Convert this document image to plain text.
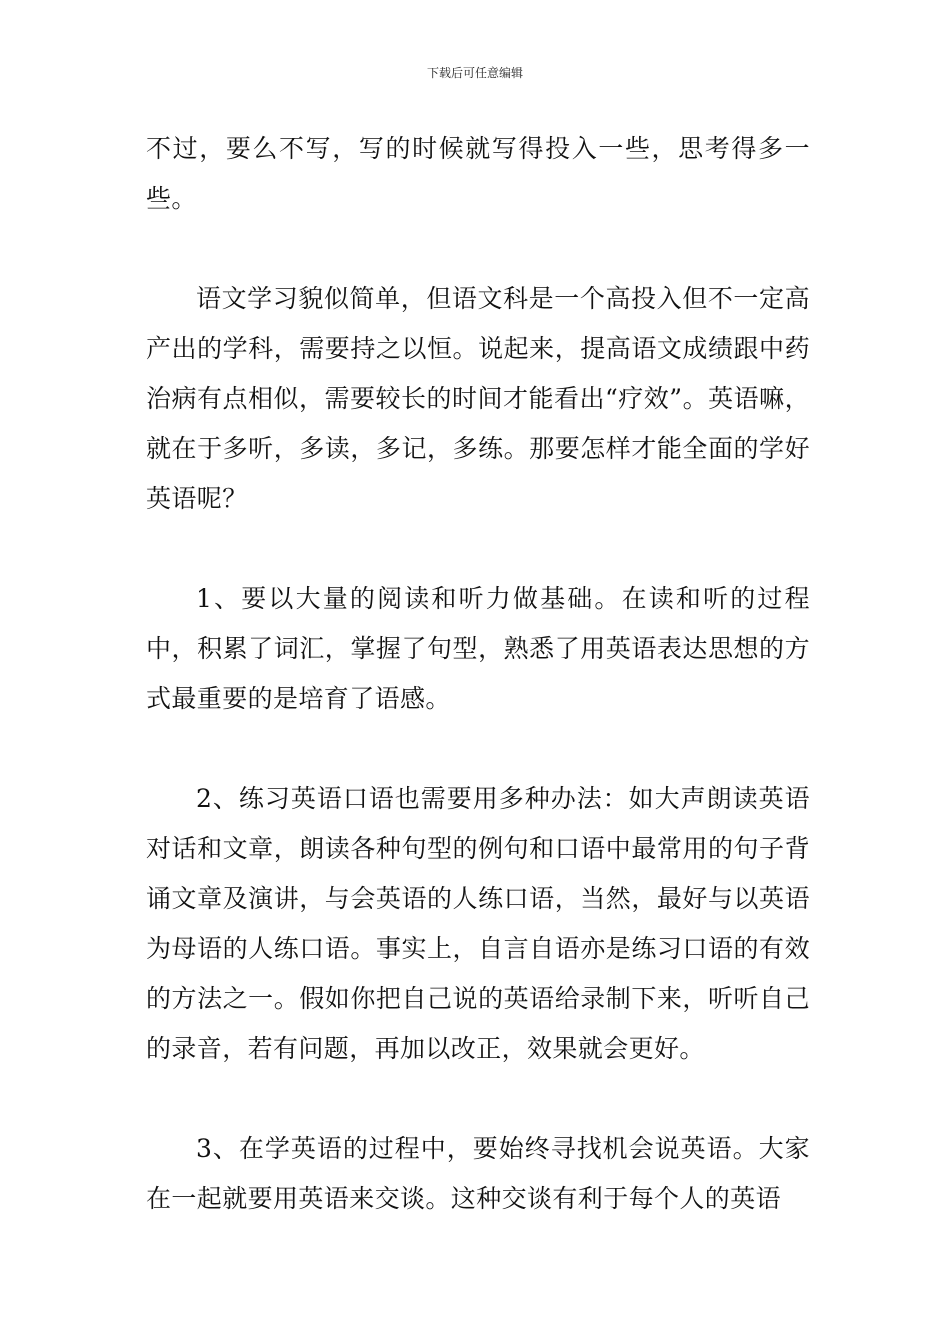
下载后可任意编辑

不过，要么不写，写的时候就写得投入一些，思考得多一些。

语文学习貌似简单，但语文科是一个高投入但不一定高产出的学科，需要持之以恒。说起来，提高语文成绩跟中药治病有点相似，需要较长的时间才能看出“疗效”。英语嘛，就在于多听，多读，多记，多练。那要怎样才能全面的学好英语呢？

1、要以大量的阅读和听力做基础。在读和听的过程中，积累了词汇，掌握了句型，熟悉了用英语表达思想的方式最重要的是培育了语感。

2、练习英语口语也需要用多种办法：如大声朗读英语对话和文章，朗读各种句型的例句和口语中最常用的句子背诵文章及演讲，与会英语的人练口语，当然，最好与以英语为母语的人练口语。事实上，自言自语亦是练习口语的有效的方法之一。假如你把自己说的英语给录制下来，听听自己的录音，若有问题，再加以改正，效果就会更好。

3、在学英语的过程中，要始终寻找机会说英语。大家在一起就要用英语来交谈。这种交谈有利于每个人的英语
